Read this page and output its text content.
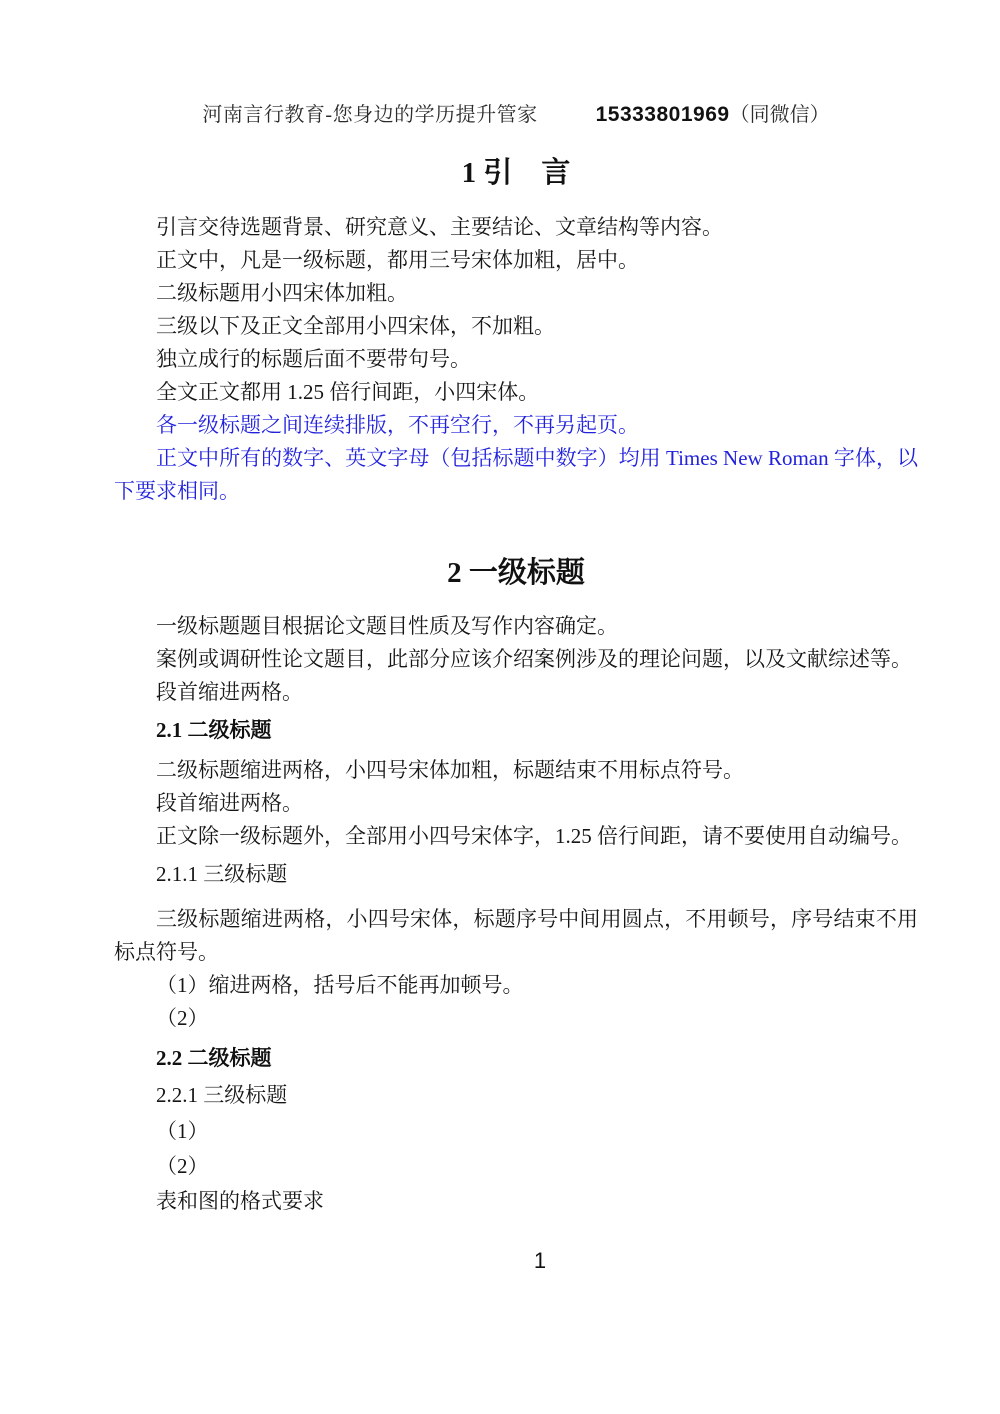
河南言行教育-您身边的学历提升管家	15333801969（同微信）
1 引　言

引言交待选题背景、研究意义、主要结论、文章结构等内容。

正文中，凡是一级标题，都用三号宋体加粗，居中。

二级标题用小四宋体加粗。

三级以下及正文全部用小四宋体，不加粗。

独立成行的标题后面不要带句号。

全文正文都用 1.25 倍行间距，小四宋体。

各一级标题之间连续排版，不再空行，不再另起页。

正文中所有的数字、英文字母（包括标题中数字）均用 Times New Roman 字体，以下要求相同。

2 一级标题

一级标题题目根据论文题目性质及写作内容确定。

案例或调研性论文题目，此部分应该介绍案例涉及的理论问题，以及文献综述等。

段首缩进两格。

2.1 二级标题

二级标题缩进两格，小四号宋体加粗，标题结束不用标点符号。

段首缩进两格。

正文除一级标题外，全部用小四号宋体字，1.25 倍行间距，请不要使用自动编号。

2.1.1 三级标题

三级标题缩进两格，小四号宋体，标题序号中间用圆点，不用顿号，序号结束不用标点符号。

（1）缩进两格，括号后不能再加顿号。

（2）

2.2 二级标题
2.2.1 三级标题

（1）

（2）

表和图的格式要求

1
